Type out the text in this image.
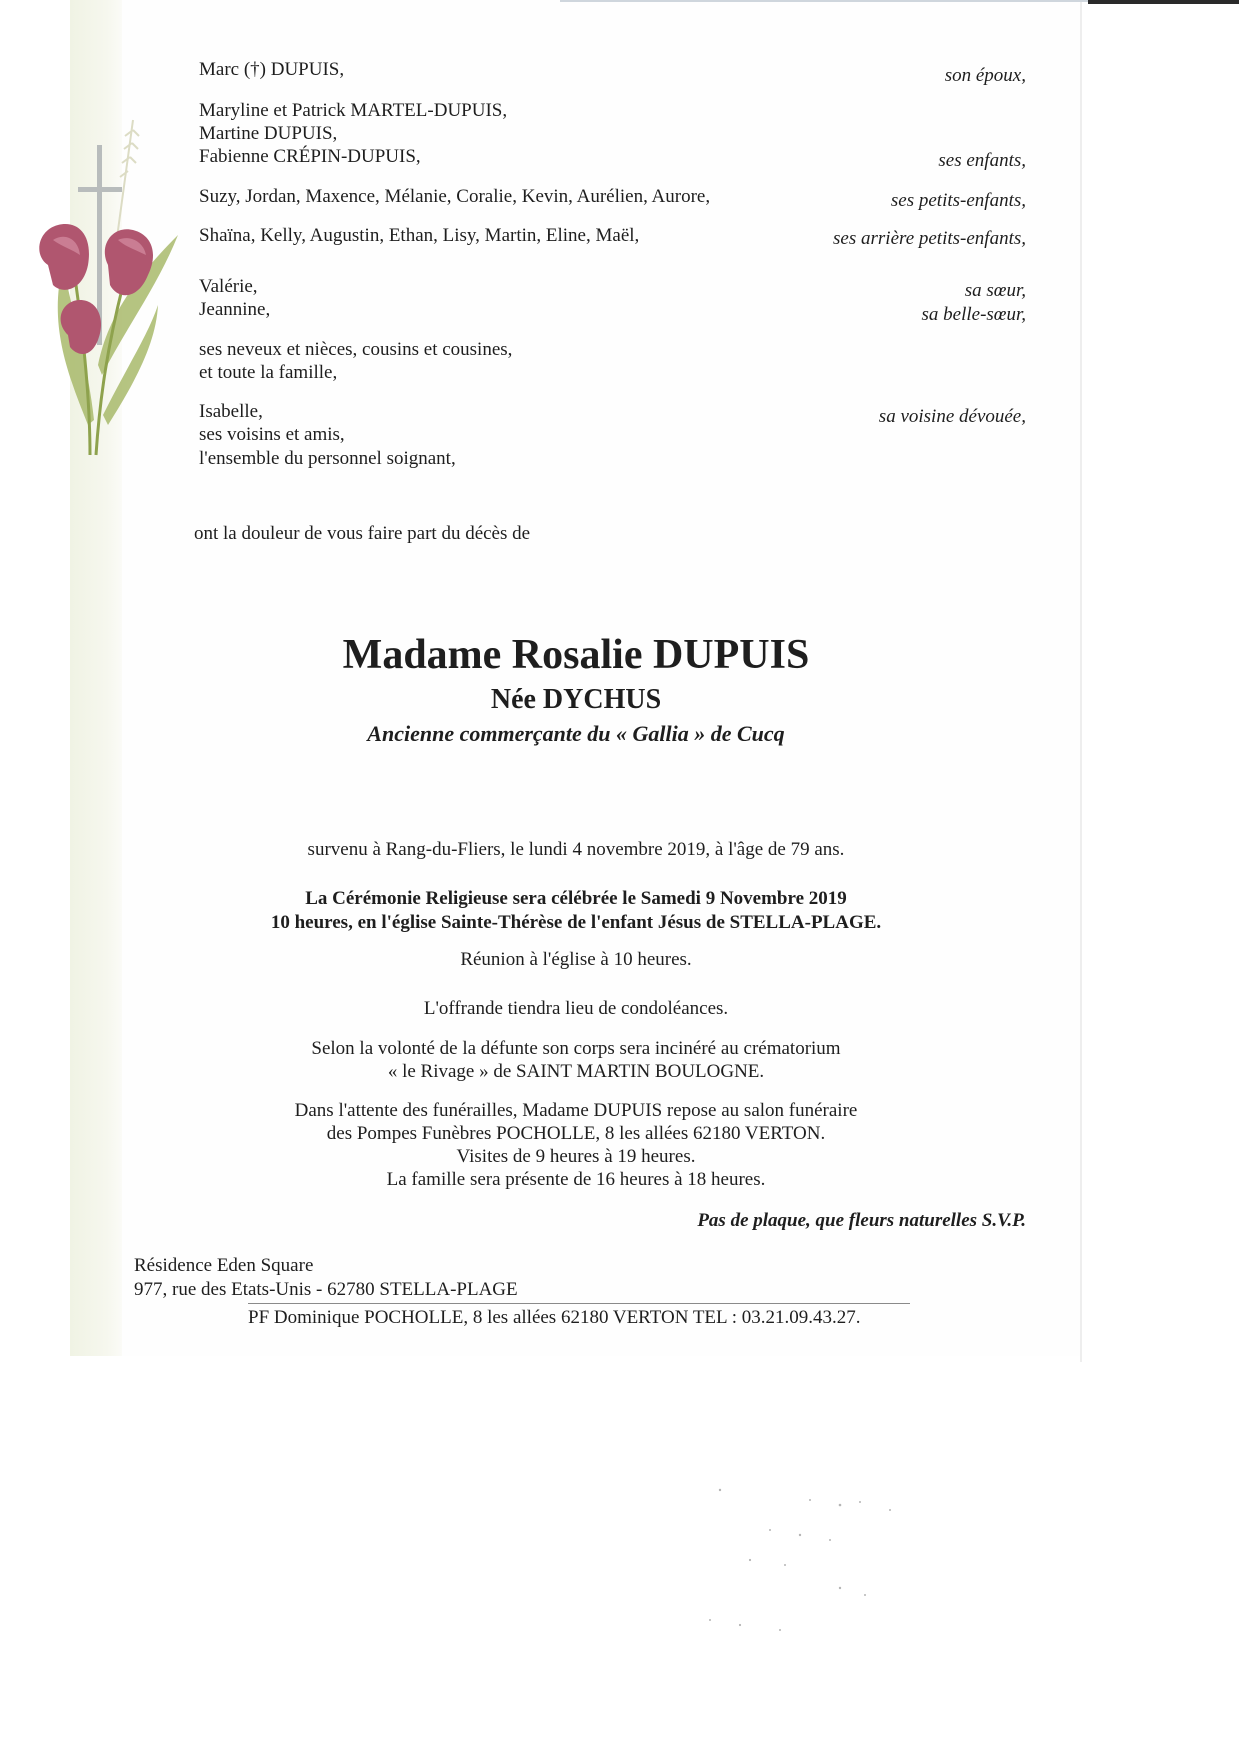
Marc (†) DUPUIS,	son époux,
Maryline et Patrick MARTEL-DUPUIS,
Martine DUPUIS,
Fabienne CRÉPIN-DUPUIS,	ses enfants,
Suzy, Jordan, Maxence, Mélanie, Coralie, Kevin, Aurélien, Aurore,	ses petits-enfants,
Shaïna, Kelly, Augustin, Ethan, Lisy, Martin, Eline, Maël,	ses arrière petits-enfants,
Valérie,	sa sœur,
Jeannine,	sa belle-sœur,
ses neveux et nièces, cousins et cousines,
et toute la famille,
Isabelle,	sa voisine dévouée,
ses voisins et amis,
l'ensemble du personnel soignant,
ont la douleur de vous faire part du décès de
Madame Rosalie DUPUIS
Née DYCHUS
Ancienne commerçante du « Gallia » de Cucq
survenu à Rang-du-Fliers, le lundi 4 novembre 2019, à l'âge de 79 ans.
La Cérémonie Religieuse sera célébrée le Samedi 9 Novembre 2019
10 heures, en l'église Sainte-Thérèse de l'enfant Jésus de STELLA-PLAGE.
Réunion à l'église à 10 heures.
L'offrande tiendra lieu de condoléances.
Selon la volonté de la défunte son corps sera incinéré au crématorium
« le Rivage » de SAINT MARTIN BOULOGNE.
Dans l'attente des funérailles, Madame DUPUIS repose au salon funéraire
des Pompes Funèbres POCHOLLE, 8 les allées 62180 VERTON.
Visites de 9 heures à 19 heures.
La famille sera présente de 16 heures à 18 heures.
Pas de plaque, que fleurs naturelles S.V.P.
Résidence Eden Square
977, rue des Etats-Unis - 62780 STELLA-PLAGE
PF Dominique POCHOLLE, 8 les allées 62180 VERTON TEL : 03.21.09.43.27.
